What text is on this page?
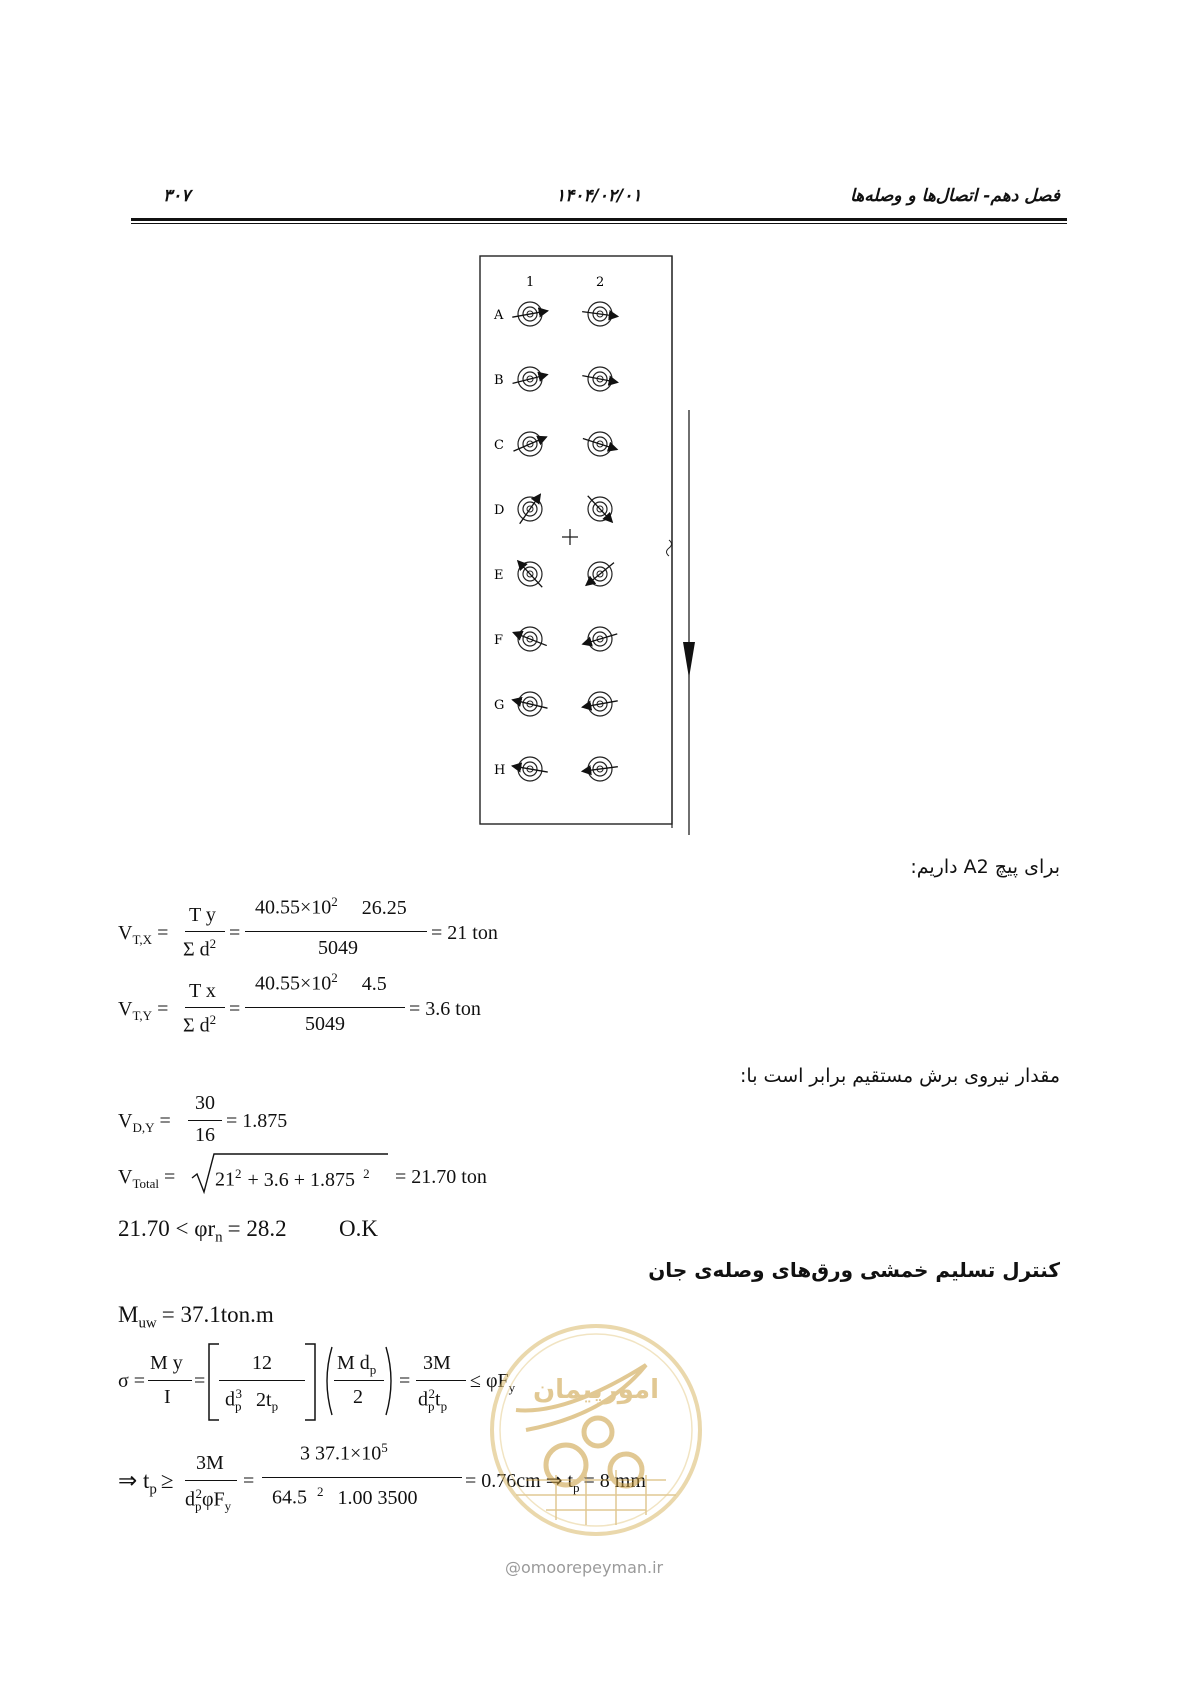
۳۰۷	۱۴۰۴/۰۲/۰۱	فصل دهم- اتصال‌ها و وصله‌ها
1	2
A
B
C
D
E
F
G
H
برای پیچ A2 داریم:
مقدار نیروی برش مستقیم برابر است با:
کنترل تسلیم خمشی ورق‌های وصله‌ی جان
$V_{T,X}$ =
T y
Σ $d^2$ =
$40.55\times 10^2$ 26.25
5049
= 21 ton
$V_{T,Y}$ =
T x
Σ $d^2$ =
$40.55\times 10^2$ 4.5
5049
= 3.6 ton
$V_{D,Y}$ =
30
16
= 1.875
$V_{Total} = 21^2 + 3.6 + 1.875$ $^2$ = 21.70 ton
$21.70 < \varphi r_n = 28.2$ O.K
$M_{uw} = 37.1ton.m$
σ =
M y
I
=
12
$d_p^3$ $2t_p$
M $d_p$
2
=
3M
$d_p^2t_p$
≤ $\varphi F_y$
⇒ $t_p$ ≥
3M
$d_p^2\varphi F_y$
=
3 $37.1\times 10^5$
64.5 $^2$ 1.00 3500
= 0.76cm ⇒ $t_p = 8$ mm
امورپیمان
@omoorepeyman.ir
